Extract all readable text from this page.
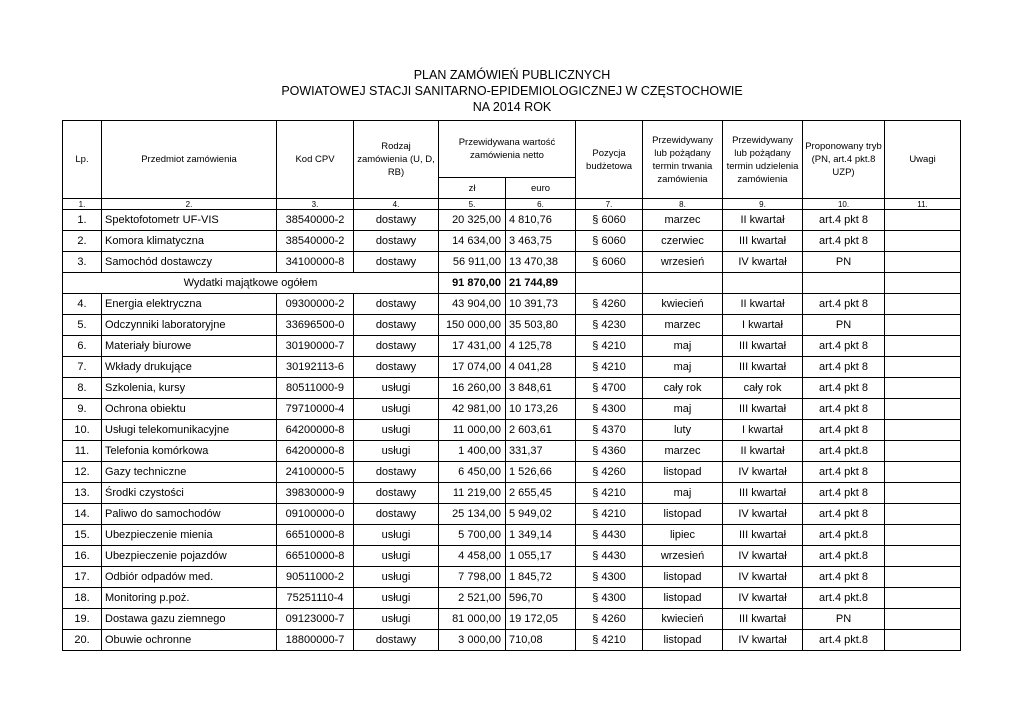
PLAN ZAMÓWIEŃ PUBLICZNYCH
POWIATOWEJ STACJI SANITARNO-EPIDEMIOLOGICZNEJ W CZĘSTOCHOWIE
NA 2014 ROK
Lp.	Przedmiot zamówienia	Kod CPV	Rodzaj zamówienia (U, D, RB)	Przewidywana wartość zamówienia netto		Pozycja budżetowa	Przewidywany lub pożądany termin trwania zamówienia	Przewidywany lub pożądany termin udzielenia zamówienia	Proponowany tryb (PN, art.4 pkt.8 UZP)	Uwagi
				zł	euro					
1.	2.	3.	4.	5.	6.	7.	8.	9.	10.	11.
1.	Spektofotometr UF-VIS	38540000-2	dostawy	20 325,00	4 810,76	§ 6060	marzec	II kwartał	art.4 pkt 8	
2.	Komora klimatyczna	38540000-2	dostawy	14 634,00	3 463,75	§ 6060	czerwiec	III kwartał	art.4 pkt 8	
3.	Samochód dostawczy	34100000-8	dostawy	56 911,00	13 470,38	§ 6060	wrzesień	IV kwartał	PN	
Wydatki majątkowe ogółem				91 870,00	21 744,89					
4.	Energia elektryczna	09300000-2	dostawy	43 904,00	10 391,73	§ 4260	kwiecień	II kwartał	art.4 pkt 8	
5.	Odczynniki laboratoryjne	33696500-0	dostawy	150 000,00	35 503,80	§ 4230	marzec	I kwartał	PN	
6.	Materiały biurowe	30190000-7	dostawy	17 431,00	4 125,78	§ 4210	maj	III kwartał	art.4 pkt 8	
7.	Wkłady drukujące	30192113-6	dostawy	17 074,00	4 041,28	§ 4210	maj	III kwartał	art.4 pkt 8	
8.	Szkolenia, kursy	80511000-9	usługi	16 260,00	3 848,61	§ 4700	cały rok	cały rok	art.4 pkt 8	
9.	Ochrona obiektu	79710000-4	usługi	42 981,00	10 173,26	§ 4300	maj	III kwartał	art.4 pkt 8	
10.	Usługi telekomunikacyjne	64200000-8	usługi	11 000,00	2 603,61	§ 4370	luty	I kwartał	art.4 pkt 8	
11.	Telefonia komórkowa	64200000-8	usługi	1 400,00	331,37	§ 4360	marzec	II kwartał	art.4 pkt.8	
12.	Gazy techniczne	24100000-5	dostawy	6 450,00	1 526,66	§ 4260	listopad	IV kwartał	art.4 pkt 8	
13.	Środki czystości	39830000-9	dostawy	11 219,00	2 655,45	§ 4210	maj	III kwartał	art.4 pkt 8	
14.	Paliwo do samochodów	09100000-0	dostawy	25 134,00	5 949,02	§ 4210	listopad	IV kwartał	art.4 pkt 8	
15.	Ubezpieczenie mienia	66510000-8	usługi	5 700,00	1 349,14	§ 4430	lipiec	III kwartał	art.4 pkt.8	
16.	Ubezpieczenie pojazdów	66510000-8	usługi	4 458,00	1 055,17	§ 4430	wrzesień	IV kwartał	art.4 pkt.8	
17.	Odbiór odpadów med.	90511000-2	usługi	7 798,00	1 845,72	§ 4300	listopad	IV kwartał	art.4 pkt 8	
18.	Monitoring p.poż.	75251110-4	usługi	2 521,00	596,70	§ 4300	listopad	IV kwartał	art.4 pkt.8	
19.	Dostawa gazu ziemnego	09123000-7	usługi	81 000,00	19 172,05	§ 4260	kwiecień	III kwartał	PN	
20.	Obuwie ochronne	18800000-7	dostawy	3 000,00	710,08	§ 4210	listopad	IV kwartał	art.4 pkt.8	
